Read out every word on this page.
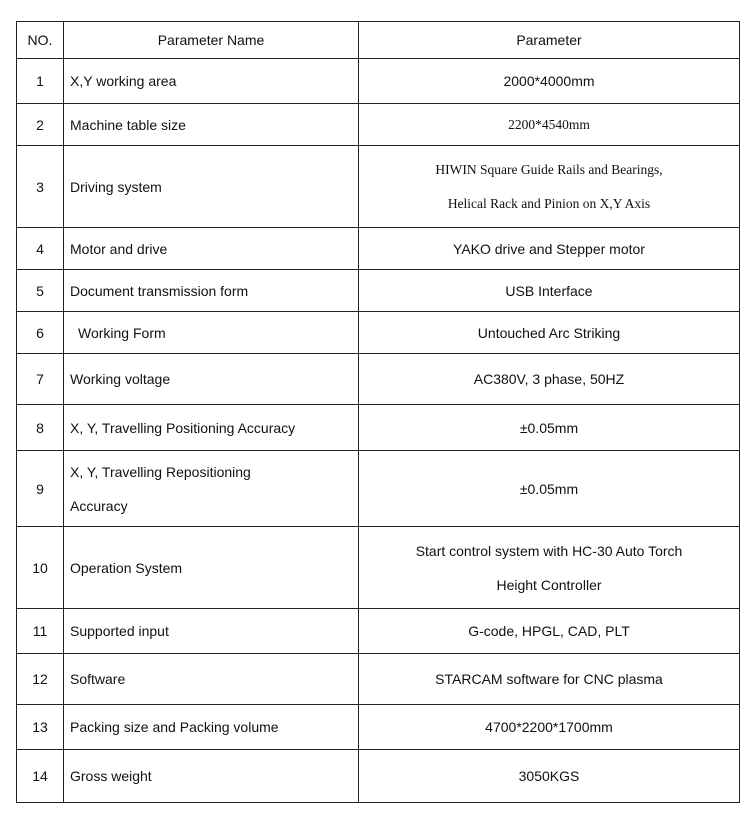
NO.	Parameter Name	Parameter
1	X,Y working area	2000*4000mm
2	Machine table size	2200*4540mm
3	Driving system	HIWIN Square Guide Rails and Bearings,
Helical Rack and Pinion on X,Y Axis

4	Motor and drive	YAKO drive and Stepper motor
5	Document transmission form	USB Interface
6	Working Form	Untouched Arc Striking
7	Working voltage	AC380V, 3 phase, 50HZ
8	X, Y, Travelling Positioning Accuracy	±0.05mm
9	X, Y, Travelling Repositioning
Accuracy	±0.05mm
10	Operation System	Start control system with HC-30 Auto Torch
Height Controller

11	Supported input	G-code, HPGL, CAD, PLT
12	Software	STARCAM software for CNC plasma
13	Packing size and Packing volume	4700*2200*1700mm
14	Gross weight	3050KGS
